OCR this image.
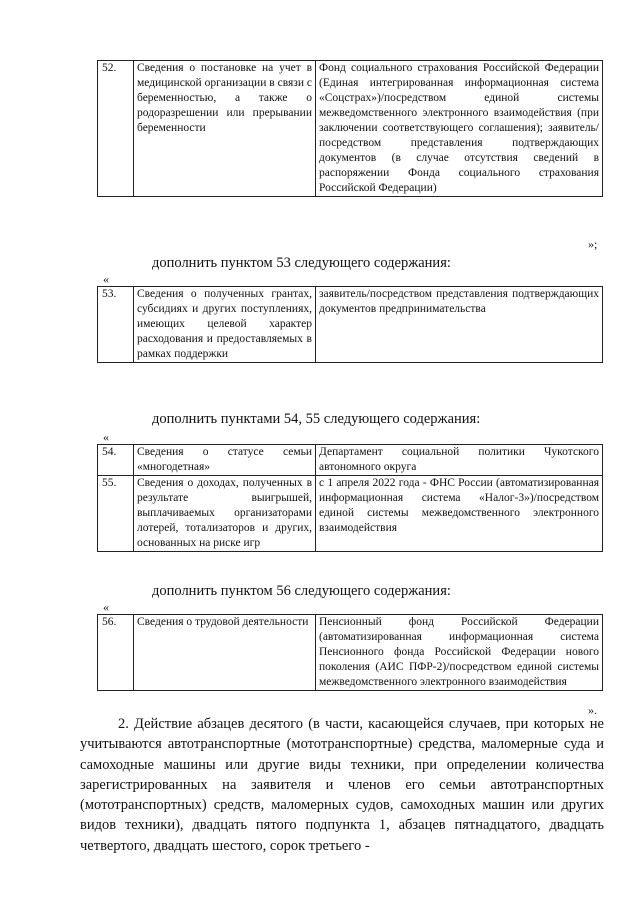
52.	Сведения о постановке на учет в медицинской организации в связи с беременностью, а также о родоразрешении или прерывании беременности	Фонд социального страхования Российской Федерации (Единая интегрированная информационная система «Соцстрах»)/посредством единой системы межведомственного электронного взаимодействия (при заключении соответствующего соглашения); заявитель/посредством представления подтверждающих документов (в случае отсутствия сведений в распоряжении Фонда социального страхования Российской Федерации)
»;
дополнить пунктом 53 следующего содержания:
«
53.	Сведения о полученных грантах, субсидиях и других поступлениях, имеющих целевой характер расходования и предоставляемых в рамках поддержки	заявитель/посредством представления подтверждающих документов предпринимательства
дополнить пунктами 54, 55 следующего содержания:
«
54.	Сведения о статусе семьи «многодетная»	Департамент социальной политики Чукотского автономного округа
55.	Сведения о доходах, полученных в результате выигрышей, выплачиваемых организаторами лотерей, тотализаторов и других, основанных на риске игр	с 1 апреля 2022 года - ФНС России (автоматизированная информационная система «Налог-3»)/посредством единой системы межведомственного электронного взаимодействия
дополнить пунктом 56 следующего содержания:
«
56.	Сведения о трудовой деятельности	Пенсионный фонд Российской Федерации (автоматизированная информационная система Пенсионного фонда Российской Федерации нового поколения (АИС ПФР-2)/посредством единой системы межведомственного электронного взаимодействия
».
2. Действие абзацев десятого (в части, касающейся случаев, при которых не учитываются автотранспортные (мототранспортные) средства, маломерные суда и самоходные машины или другие виды техники, при определении количества зарегистрированных на заявителя и членов его семьи автотранспортных (мототранспортных) средств, маломерных судов, самоходных машин или других видов техники), двадцать пятого подпункта 1, абзацев пятнадцатого, двадцать четвертого, двадцать шестого, сорок третьего -
